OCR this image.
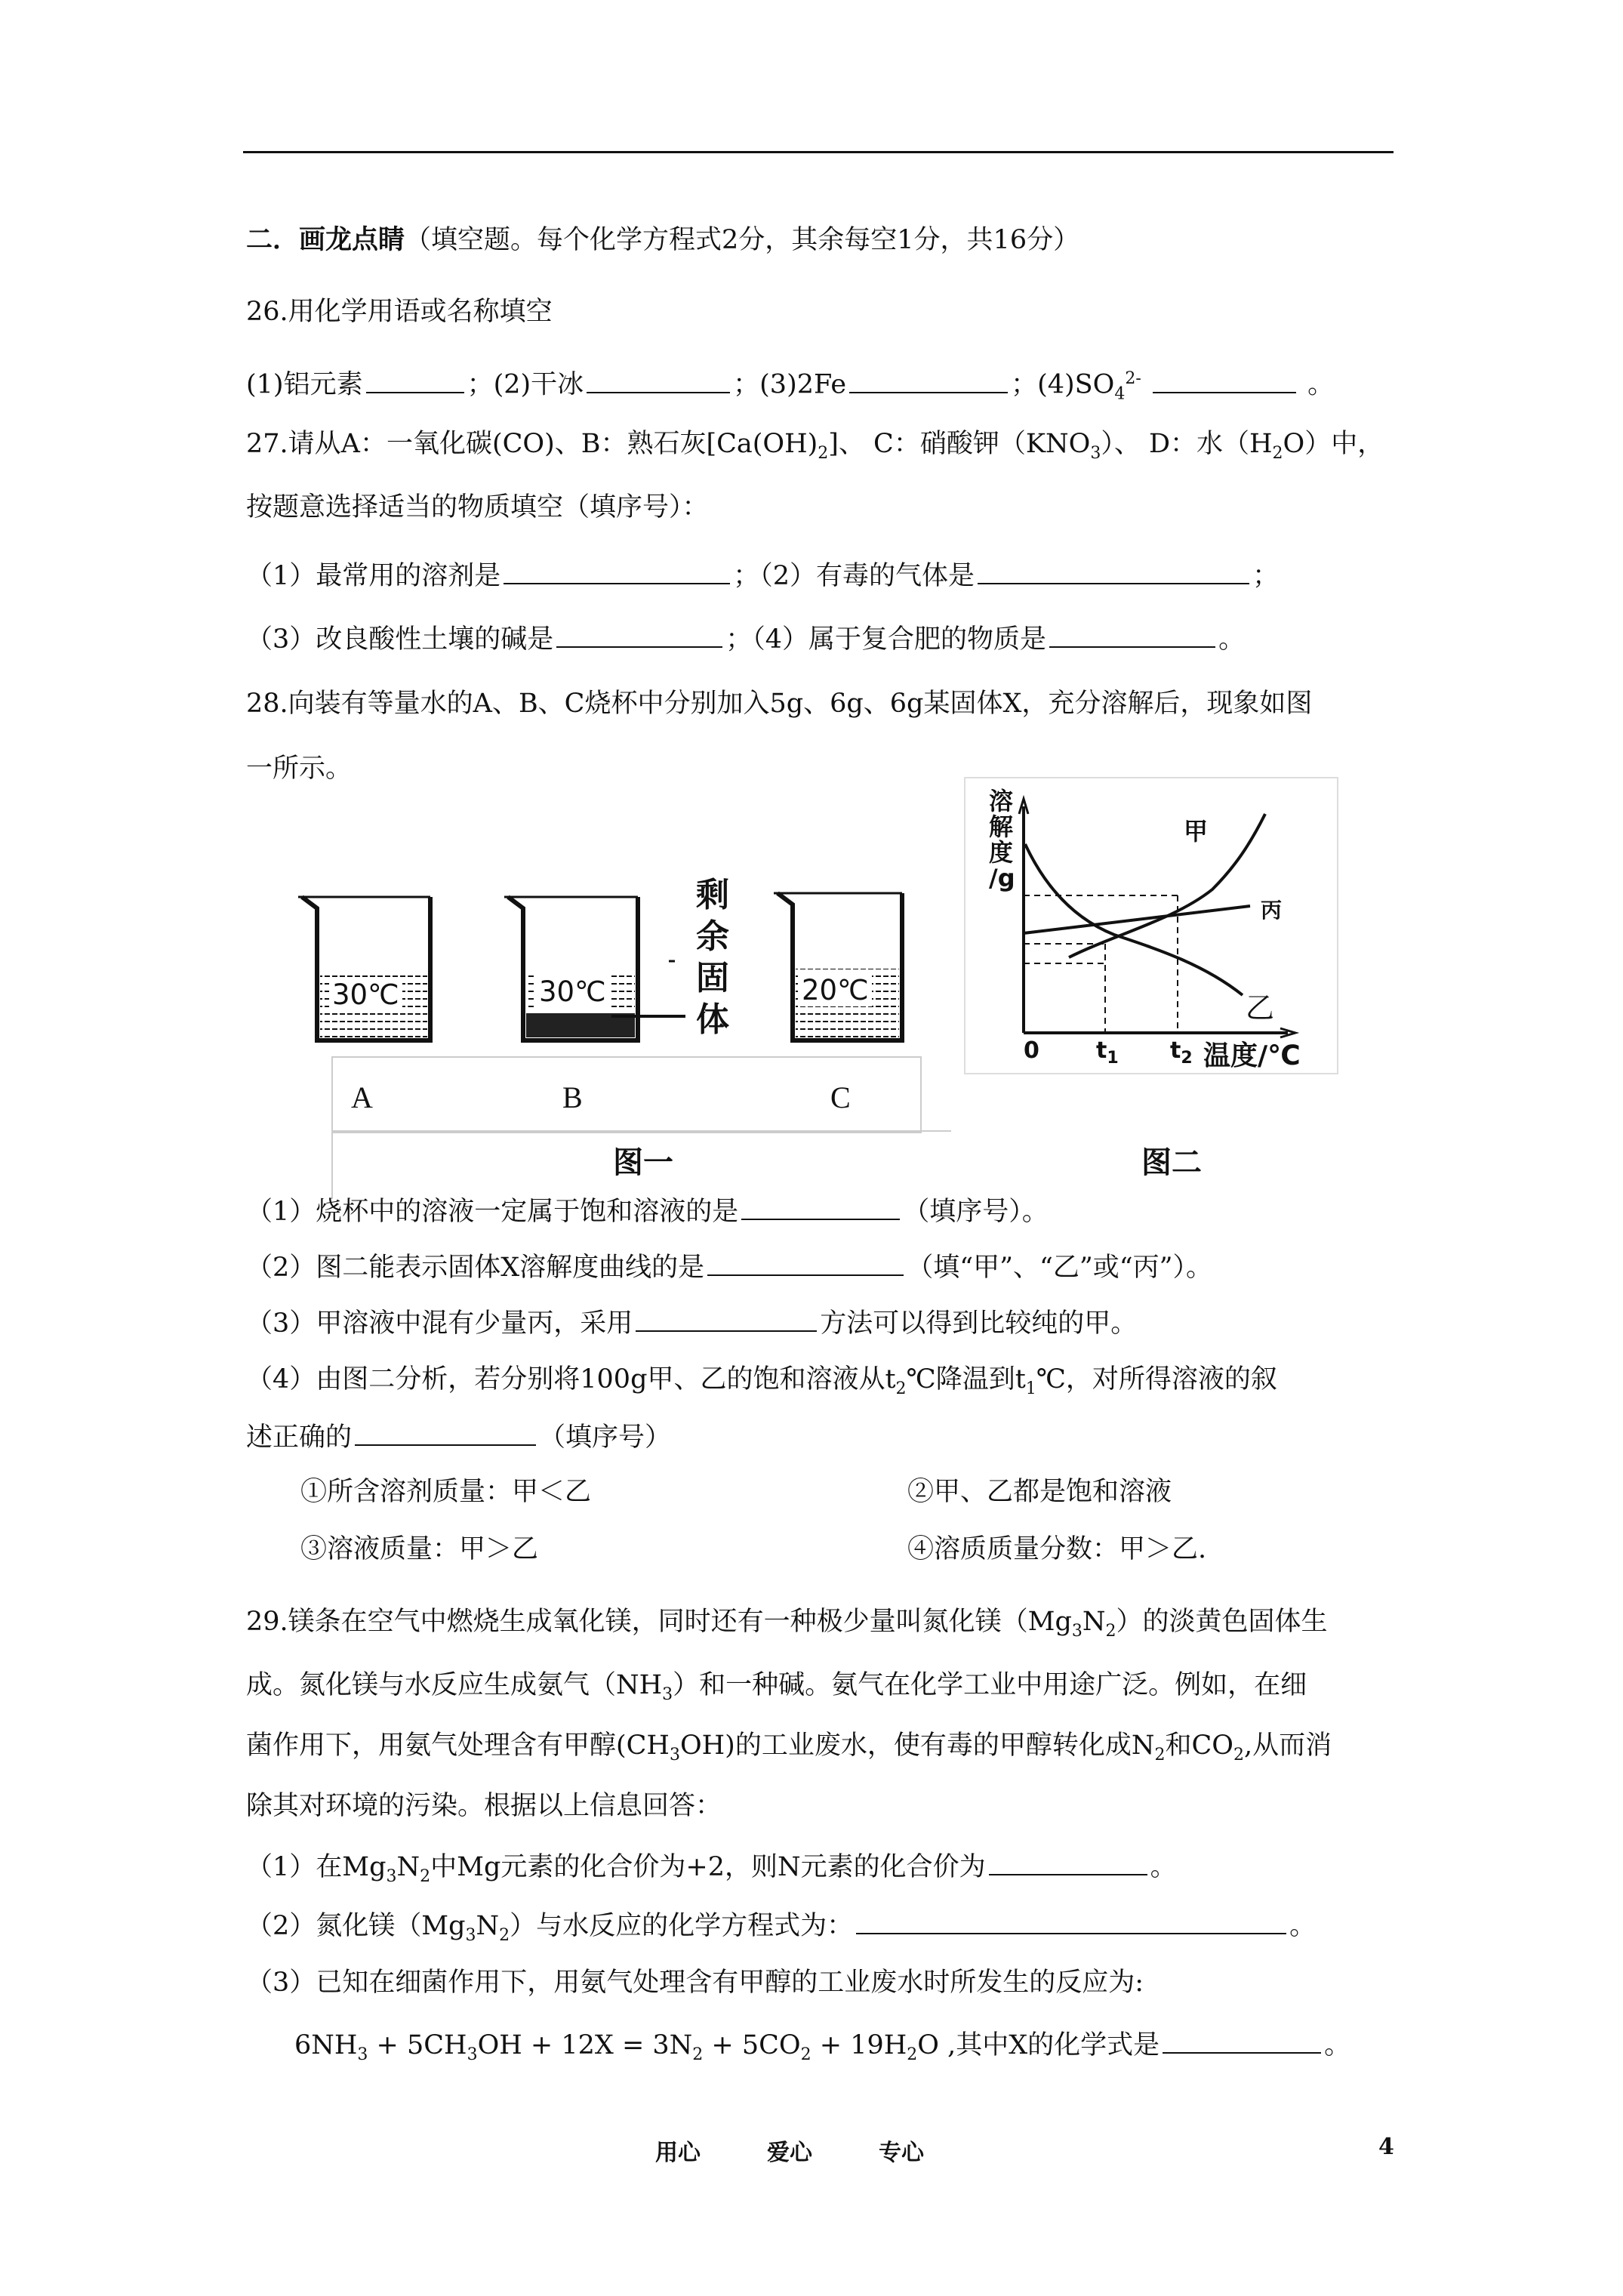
二．画龙点睛（填空题。每个化学方程式2分，其余每空1分，共16分）
26.用化学用语或名称填空
(1)铝元素	；(2)干冰	；(3)2Fe	；$(4)SO_4^{2-}$	。
27.请从A：一氧化碳(CO)、B：熟石灰$[Ca(OH)_2]$、 C：硝酸钾$(KNO_3)$、 D：水$(H_2O)$中，
按题意选择适当的物质填空（填序号）：
（1）最常用的溶剂是	；（2）有毒的气体是	；
（3）改良酸性土壤的碱是	；（4）属于复合肥的物质是	。
28.向装有等量水的A、B、C烧杯中分别加入5g、6g、6g某固体X，充分溶解后，现象如图
一所示。
30℃	30℃	20℃
剩
余
固
体
A	B	C
图一
溶
解
度
/g
甲
丙
乙
0	$t_1$ $t_2$ 温度/℃
图二
（1）烧杯中的溶液一定属于饱和溶液的是	（填序号）。
（2）图二能表示固体X溶解度曲线的是	（填“甲”、“乙”或“丙”）。
（3）甲溶液中混有少量丙，采用	方法可以得到比较纯的甲。
（4）由图二分析，若分别将100g甲、乙的饱和溶液从$t_2℃$降温到$t_1℃$，对所得溶液的叙
述正确的	（填序号）
①所含溶剂质量：甲＜乙	②甲、乙都是饱和溶液
③溶液质量：甲＞乙	④溶质质量分数：甲＞乙.
29.镁条在空气中燃烧生成氧化镁，同时还有一种极少量叫氮化镁$(Mg_3N_2)$的淡黄色固体生
成。氮化镁与水反应生成氨气$(NH_3)$和一种碱。氨气在化学工业中用途广泛。例如，在细
菌作用下，用氨气处理含有甲醇$(CH_3OH)$的工业废水，使有毒的甲醇转化成$N_2$和$CO_2$,从而消
除其对环境的污染。根据以上信息回答：
（1）在$Mg_3N_2$中Mg元素的化合价为+2，则N元素的化合价为	。
（2）氮化镁$(Mg_3N_2)$与水反应的化学方程式为：	。
（3）已知在细菌作用下，用氨气处理含有甲醇的工业废水时所发生的反应为:
$6NH_3 + 5CH_3OH + 12X = 3N_2 + 5CO_2 + 19H_2O$ ,其中X的化学式是	。
用心	爱心	专心	4
